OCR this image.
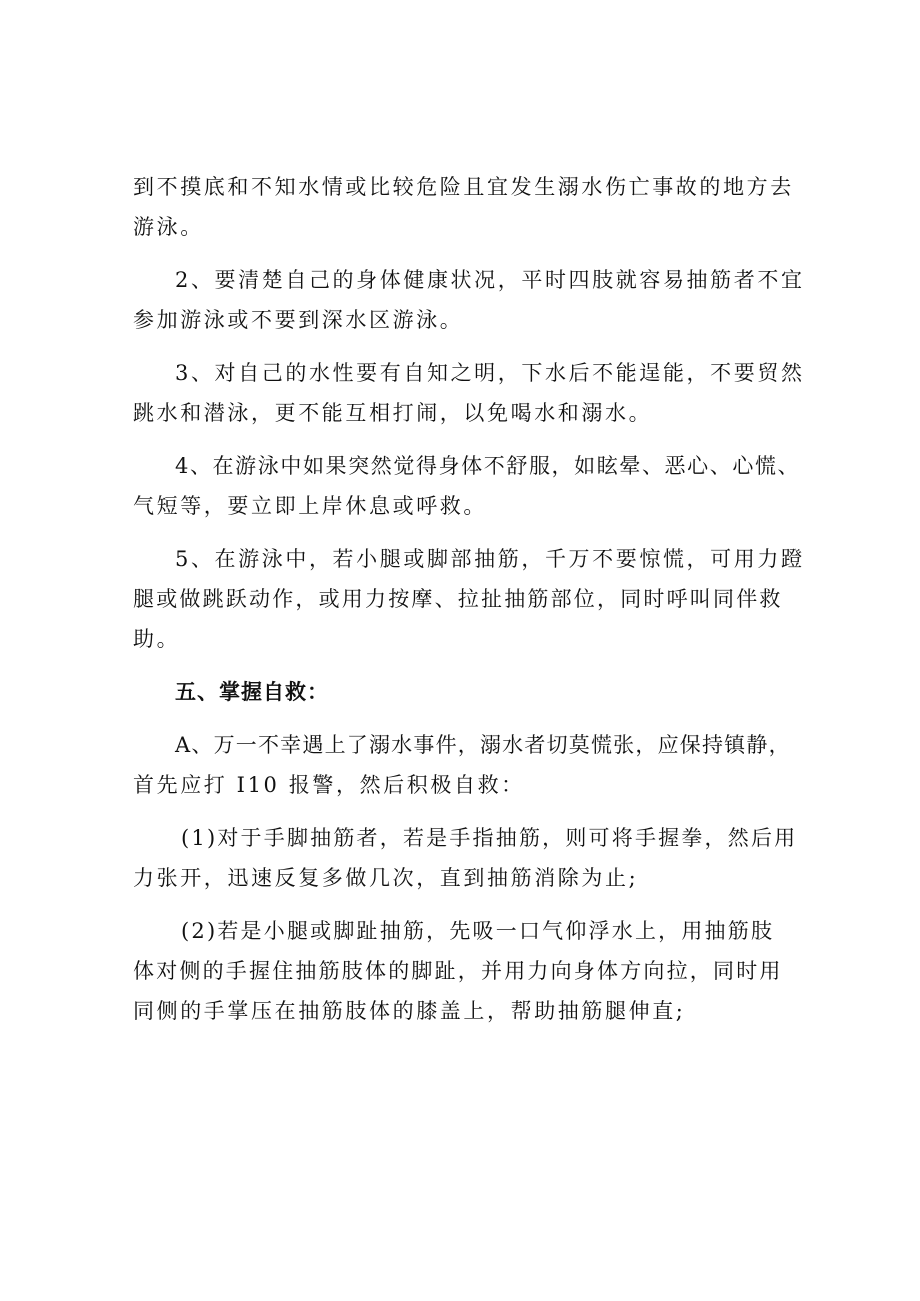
到不摸底和不知水情或比较危险且宜发生溺水伤亡事故的地方去
游泳。

2、要清楚自己的身体健康状况，平时四肢就容易抽筋者不宜
参加游泳或不要到深水区游泳。

3、对自己的水性要有自知之明，下水后不能逞能，不要贸然
跳水和潜泳，更不能互相打闹，以免喝水和溺水。

4、在游泳中如果突然觉得身体不舒服，如眩晕、恶心、心慌、
气短等，要立即上岸休息或呼救。

5、在游泳中，若小腿或脚部抽筋，千万不要惊慌，可用力蹬
腿或做跳跃动作，或用力按摩、拉扯抽筋部位，同时呼叫同伴救
助。

五、掌握自救：

A、万一不幸遇上了溺水事件，溺水者切莫慌张，应保持镇静，
首先应打 I10 报警，然后积极自救：

(1)对于手脚抽筋者，若是手指抽筋，则可将手握拳，然后用
力张开，迅速反复多做几次，直到抽筋消除为止;

(2)若是小腿或脚趾抽筋，先吸一口气仰浮水上，用抽筋肢
体对侧的手握住抽筋肢体的脚趾，并用力向身体方向拉，同时用
同侧的手掌压在抽筋肢体的膝盖上，帮助抽筋腿伸直;
